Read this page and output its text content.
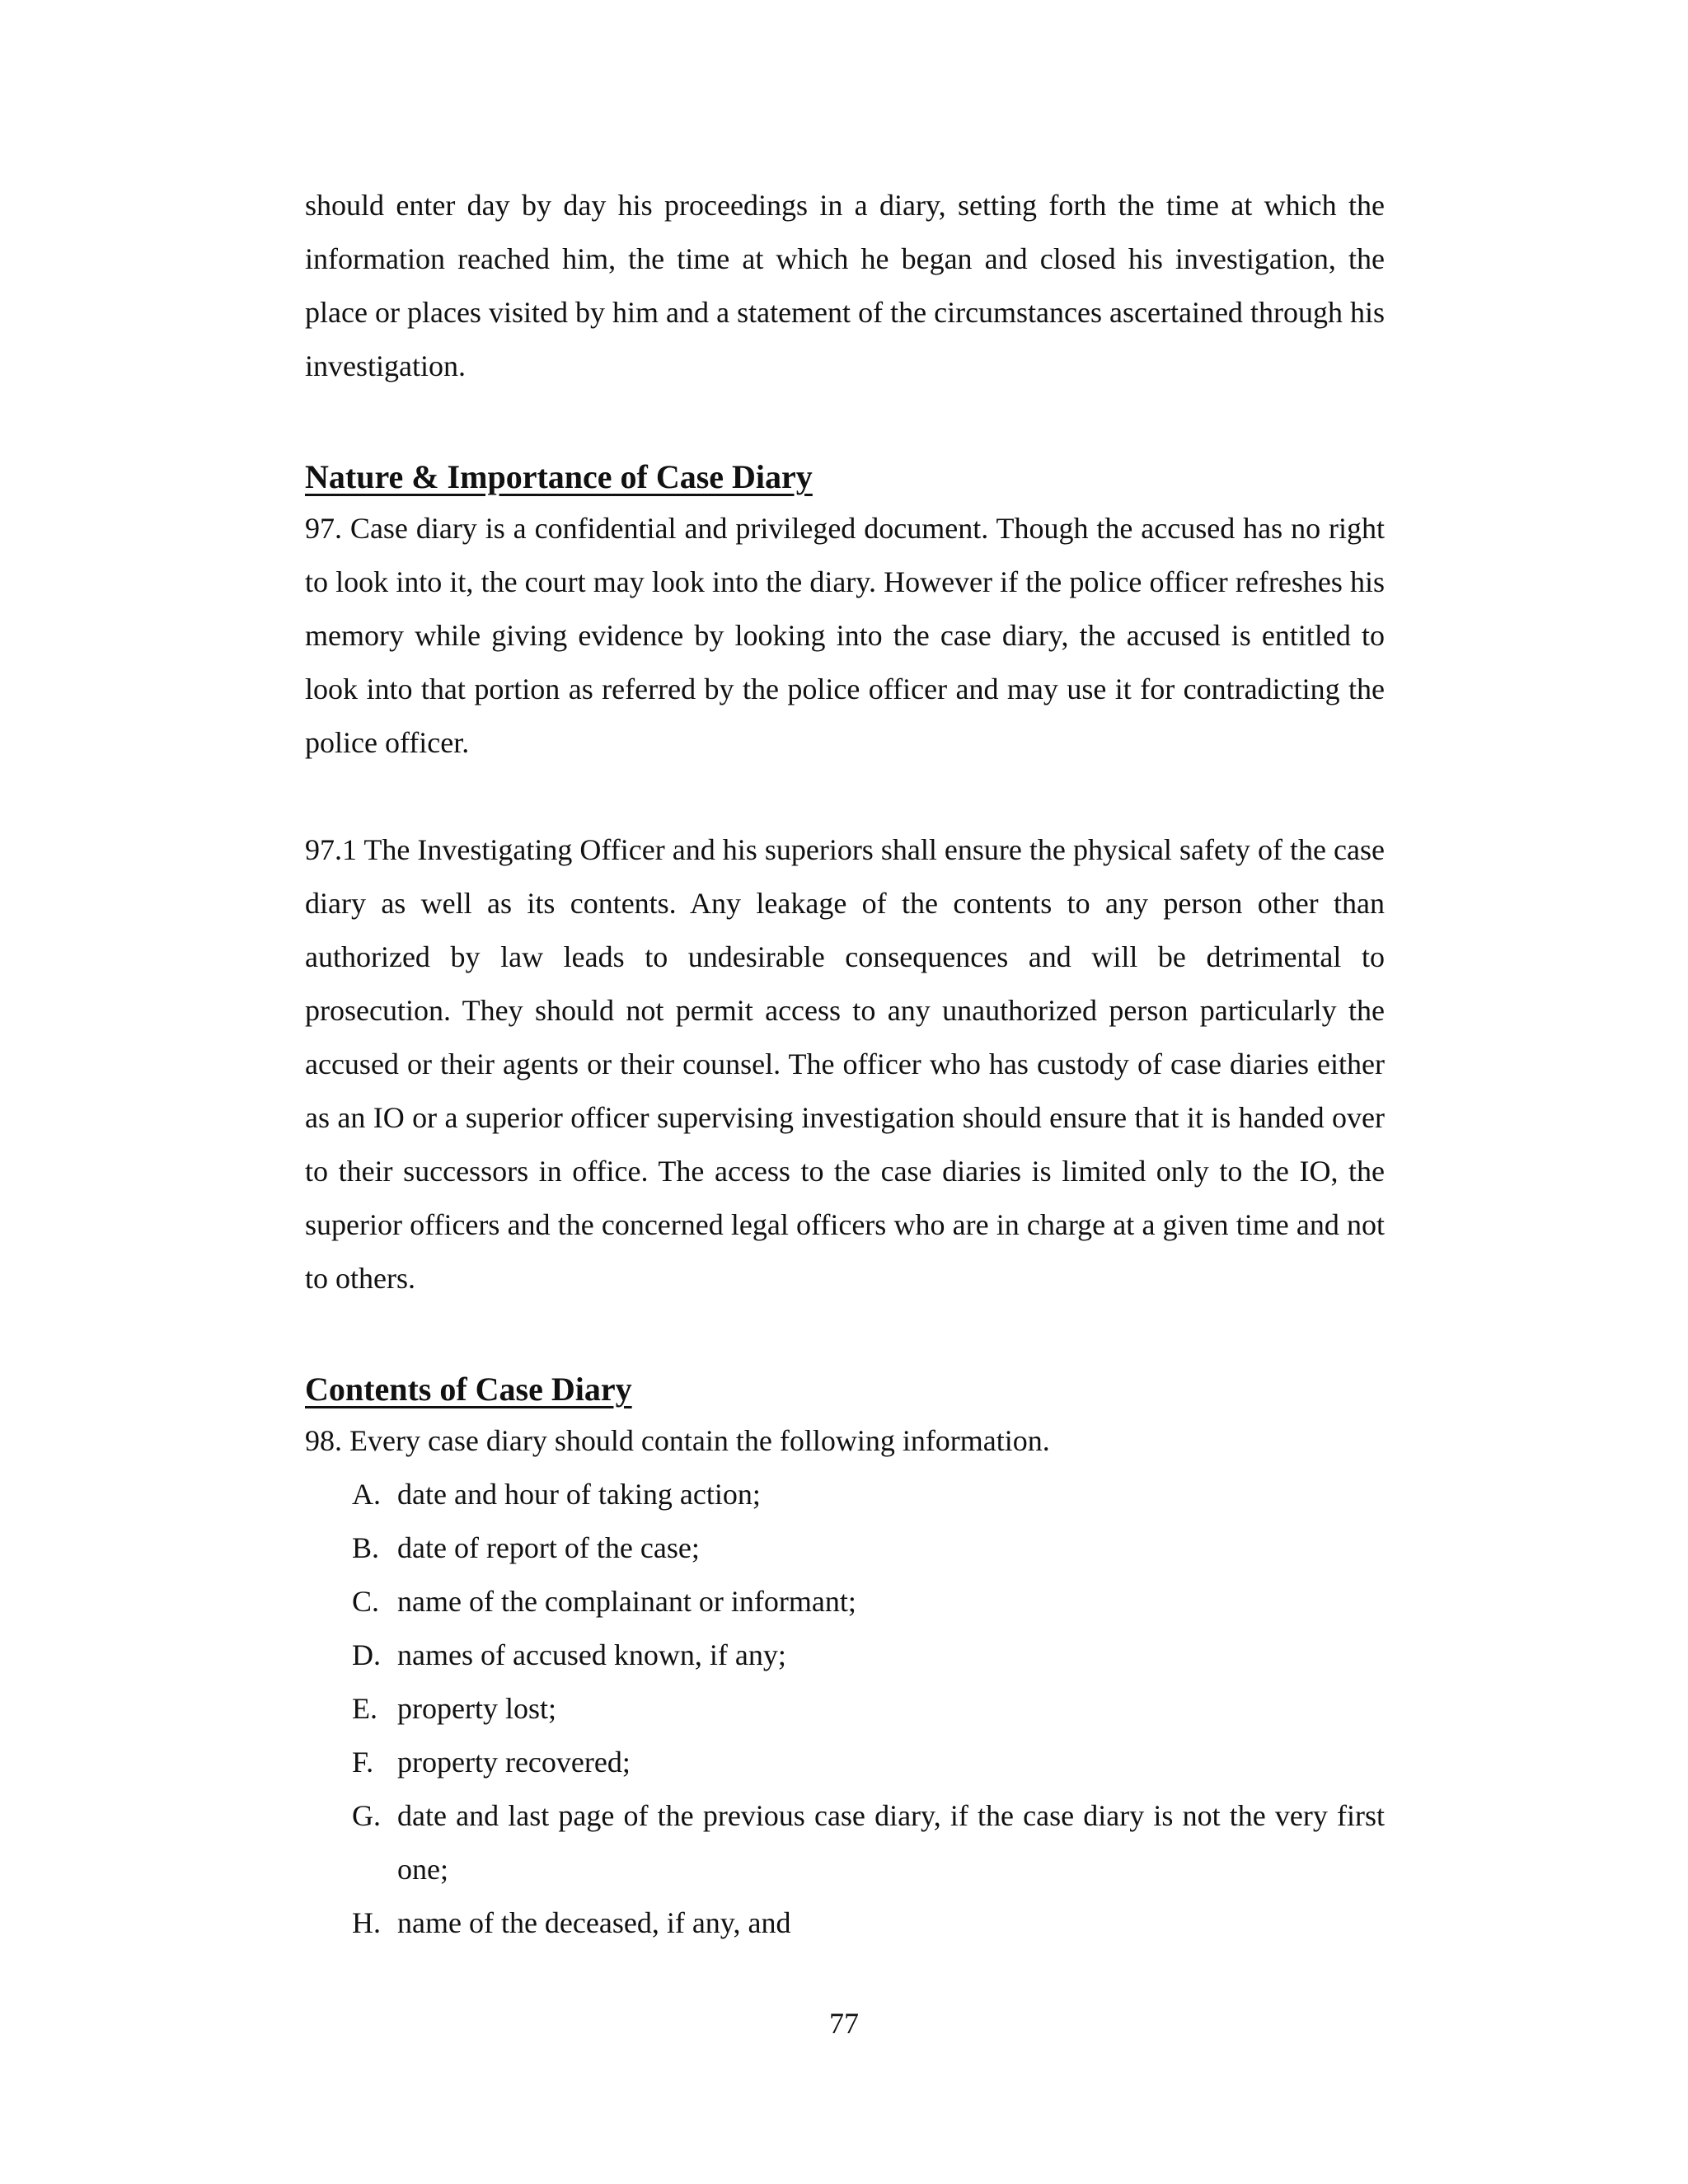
should enter day by day his proceedings in a diary, setting forth the time at which the information reached him, the time at which he began and closed his investigation, the place or places visited by him and a statement of the circumstances ascertained through his investigation.

Nature & Importance of Case Diary

97. Case diary is a confidential and privileged document. Though the accused has no right to look into it, the court may look into the diary. However if the police officer refreshes his memory while giving evidence by looking into the case diary, the accused is entitled to look into that portion as referred by the police officer and may use it for contradicting the police officer.

97.1 The Investigating Officer and his superiors shall ensure the physical safety of the case diary as well as its contents. Any leakage of the contents to any person other than authorized by law leads to undesirable consequences and will be detrimental to prosecution. They should not permit access to any unauthorized person particularly the accused or their agents or their counsel. The officer who has custody of case diaries either as an IO or a superior officer supervising investigation should ensure that it is handed over to their successors in office. The access to the case diaries is limited only to the IO, the superior officers and the concerned legal officers who are in charge at a given time and not to others.

Contents of Case Diary

98. Every case diary should contain the following information.

A. date and hour of taking action;
B. date of report of the case;
C. name of the complainant or informant;
D. names of accused known, if any;
E. property lost;
F. property recovered;
G. date and last page of the previous case diary, if the case diary is not the very first one;
H. name of the deceased, if any, and
77
